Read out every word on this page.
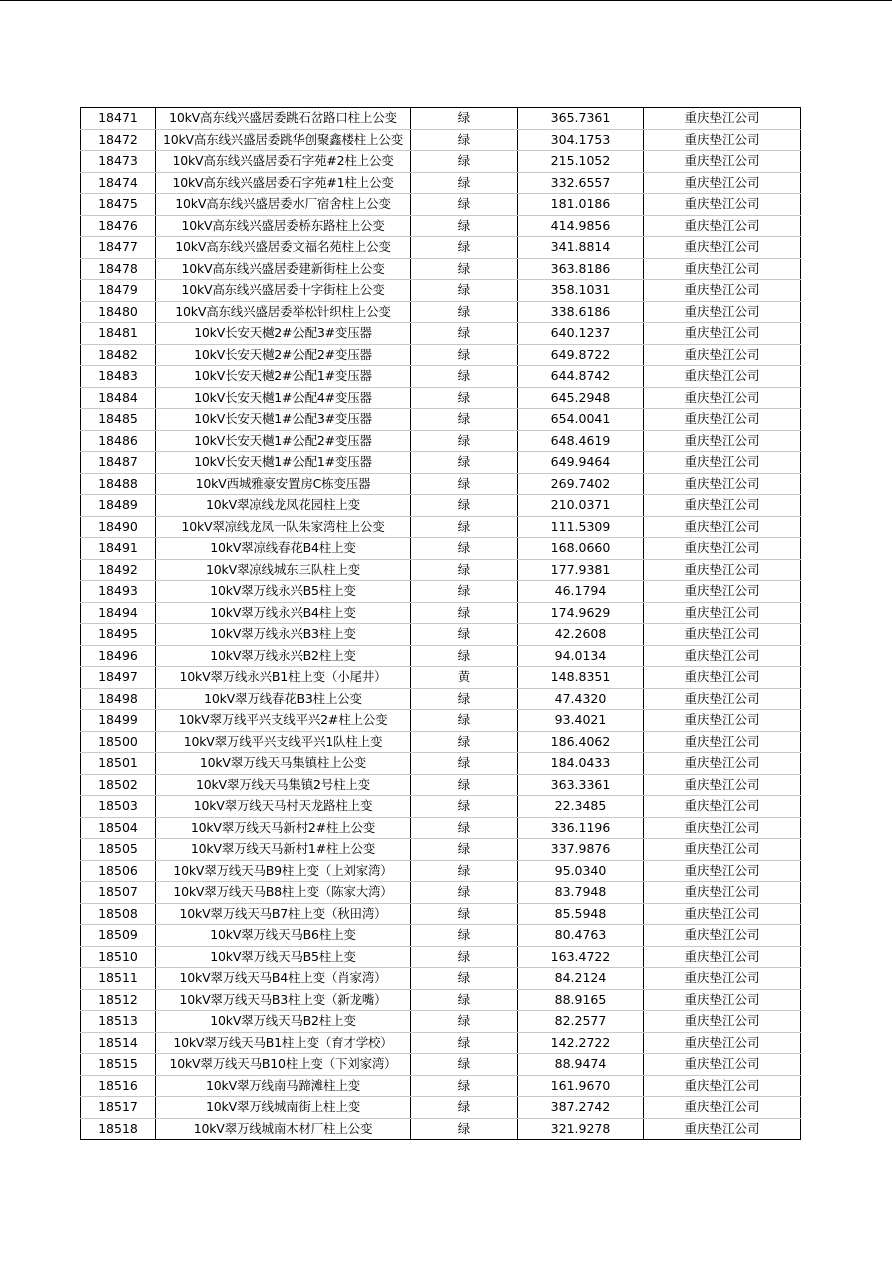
18471	10kV高东线兴盛居委跳石岔路口柱上公变	绿	365.7361	重庆垫江公司
18472	10kV高东线兴盛居委跳华创聚鑫楼柱上公变	绿	304.1753	重庆垫江公司
18473	10kV高东线兴盛居委石字苑#2柱上公变	绿	215.1052	重庆垫江公司
18474	10kV高东线兴盛居委石字苑#1柱上公变	绿	332.6557	重庆垫江公司
18475	10kV高东线兴盛居委水厂宿舍柱上公变	绿	181.0186	重庆垫江公司
18476	10kV高东线兴盛居委桥东路柱上公变	绿	414.9856	重庆垫江公司
18477	10kV高东线兴盛居委文福名苑柱上公变	绿	341.8814	重庆垫江公司
18478	10kV高东线兴盛居委建新街柱上公变	绿	363.8186	重庆垫江公司
18479	10kV高东线兴盛居委十字街柱上公变	绿	358.1031	重庆垫江公司
18480	10kV高东线兴盛居委举松针织柱上公变	绿	338.6186	重庆垫江公司
18481	10kV长安天樾2#公配3#变压器	绿	640.1237	重庆垫江公司
18482	10kV长安天樾2#公配2#变压器	绿	649.8722	重庆垫江公司
18483	10kV长安天樾2#公配1#变压器	绿	644.8742	重庆垫江公司
18484	10kV长安天樾1#公配4#变压器	绿	645.2948	重庆垫江公司
18485	10kV长安天樾1#公配3#变压器	绿	654.0041	重庆垫江公司
18486	10kV长安天樾1#公配2#变压器	绿	648.4619	重庆垫江公司
18487	10kV长安天樾1#公配1#变压器	绿	649.9464	重庆垫江公司
18488	10kV西城雅豪安置房C栋变压器	绿	269.7402	重庆垫江公司
18489	10kV翠凉线龙凤花园柱上变	绿	210.0371	重庆垫江公司
18490	10kV翠凉线龙凤一队朱家湾柱上公变	绿	111.5309	重庆垫江公司
18491	10kV翠凉线春花B4柱上变	绿	168.0660	重庆垫江公司
18492	10kV翠凉线城东三队柱上变	绿	177.9381	重庆垫江公司
18493	10kV翠万线永兴B5柱上变	绿	46.1794	重庆垫江公司
18494	10kV翠万线永兴B4柱上变	绿	174.9629	重庆垫江公司
18495	10kV翠万线永兴B3柱上变	绿	42.2608	重庆垫江公司
18496	10kV翠万线永兴B2柱上变	绿	94.0134	重庆垫江公司
18497	10kV翠万线永兴B1柱上变（小尾井）	黄	148.8351	重庆垫江公司
18498	10kV翠万线春花B3柱上公变	绿	47.4320	重庆垫江公司
18499	10kV翠万线平兴支线平兴2#柱上公变	绿	93.4021	重庆垫江公司
18500	10kV翠万线平兴支线平兴1队柱上变	绿	186.4062	重庆垫江公司
18501	10kV翠万线天马集镇柱上公变	绿	184.0433	重庆垫江公司
18502	10kV翠万线天马集镇2号柱上变	绿	363.3361	重庆垫江公司
18503	10kV翠万线天马村天龙路柱上变	绿	22.3485	重庆垫江公司
18504	10kV翠万线天马新村2#柱上公变	绿	336.1196	重庆垫江公司
18505	10kV翠万线天马新村1#柱上公变	绿	337.9876	重庆垫江公司
18506	10kV翠万线天马B9柱上变（上刘家湾）	绿	95.0340	重庆垫江公司
18507	10kV翠万线天马B8柱上变（陈家大湾）	绿	83.7948	重庆垫江公司
18508	10kV翠万线天马B7柱上变（秋田湾）	绿	85.5948	重庆垫江公司
18509	10kV翠万线天马B6柱上变	绿	80.4763	重庆垫江公司
18510	10kV翠万线天马B5柱上变	绿	163.4722	重庆垫江公司
18511	10kV翠万线天马B4柱上变（肖家湾）	绿	84.2124	重庆垫江公司
18512	10kV翠万线天马B3柱上变（新龙嘴）	绿	88.9165	重庆垫江公司
18513	10kV翠万线天马B2柱上变	绿	82.2577	重庆垫江公司
18514	10kV翠万线天马B1柱上变（育才学校）	绿	142.2722	重庆垫江公司
18515	10kV翠万线天马B10柱上变（下刘家湾）	绿	88.9474	重庆垫江公司
18516	10kV翠万线南马蹄滩柱上变	绿	161.9670	重庆垫江公司
18517	10kV翠万线城南街上柱上变	绿	387.2742	重庆垫江公司
18518	10kV翠万线城南木材厂柱上公变	绿	321.9278	重庆垫江公司
